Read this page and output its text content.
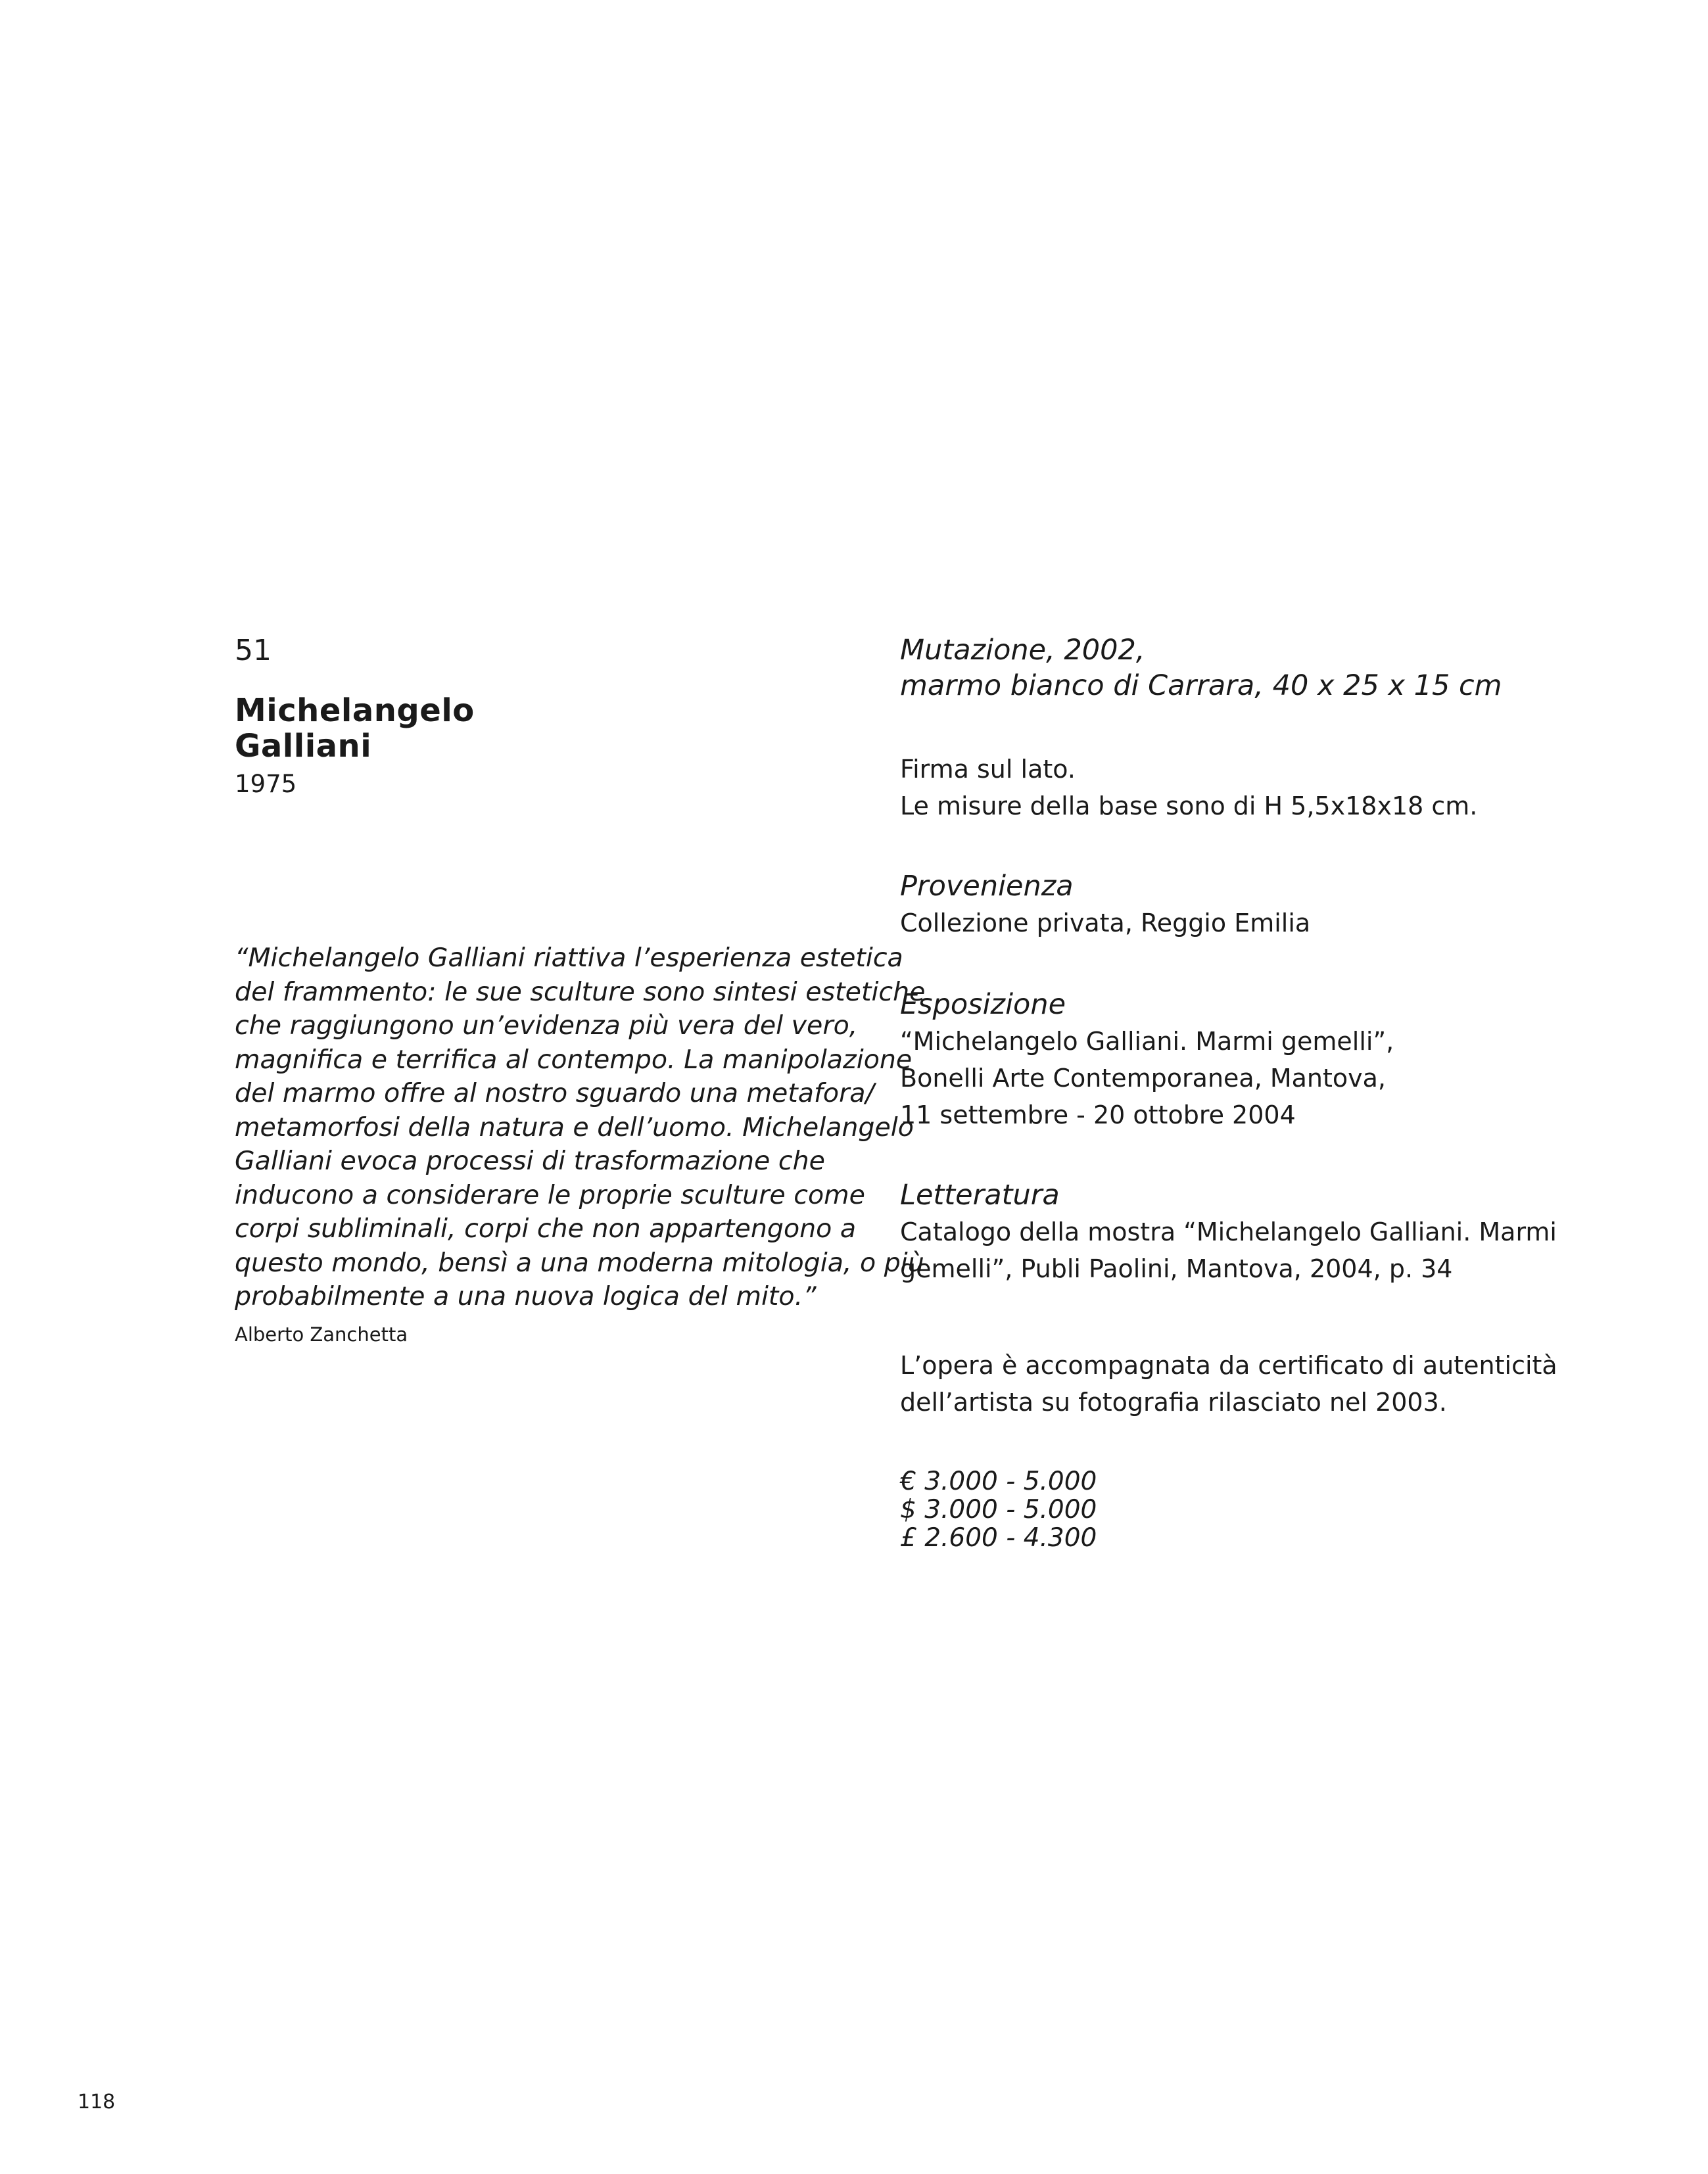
51
Michelangelo
Galliani
1975
“Michelangelo Galliani riattiva l’esperienza estetica
del frammento: le sue sculture sono sintesi estetiche
che raggiungono un’evidenza più vera del vero,
magnifica e terrifica al contempo. La manipolazione
del marmo offre al nostro sguardo una metafora/
metamorfosi della natura e dell’uomo. Michelangelo
Galliani evoca processi di trasformazione che
inducono a considerare le proprie sculture come
corpi subliminali, corpi che non appartengono a
questo mondo, bensì a una moderna mitologia, o più
probabilmente a una nuova logica del mito.”
Alberto Zanchetta
Mutazione, 2002,
marmo bianco di Carrara, 40 x 25 x 15 cm
Firma sul lato.
Le misure della base sono di H 5,5x18x18 cm.
Provenienza
Collezione privata, Reggio Emilia
Esposizione
“Michelangelo Galliani. Marmi gemelli”,
Bonelli Arte Contemporanea, Mantova,
11 settembre - 20 ottobre 2004
Letteratura
Catalogo della mostra “Michelangelo Galliani. Marmi
gemelli”, Publi Paolini, Mantova, 2004, p. 34
L’opera è accompagnata da certificato di autenticità
dell’artista su fotografia rilasciato nel 2003.
€ 3.000 - 5.000
$ 3.000 - 5.000
£ 2.600 - 4.300
118
